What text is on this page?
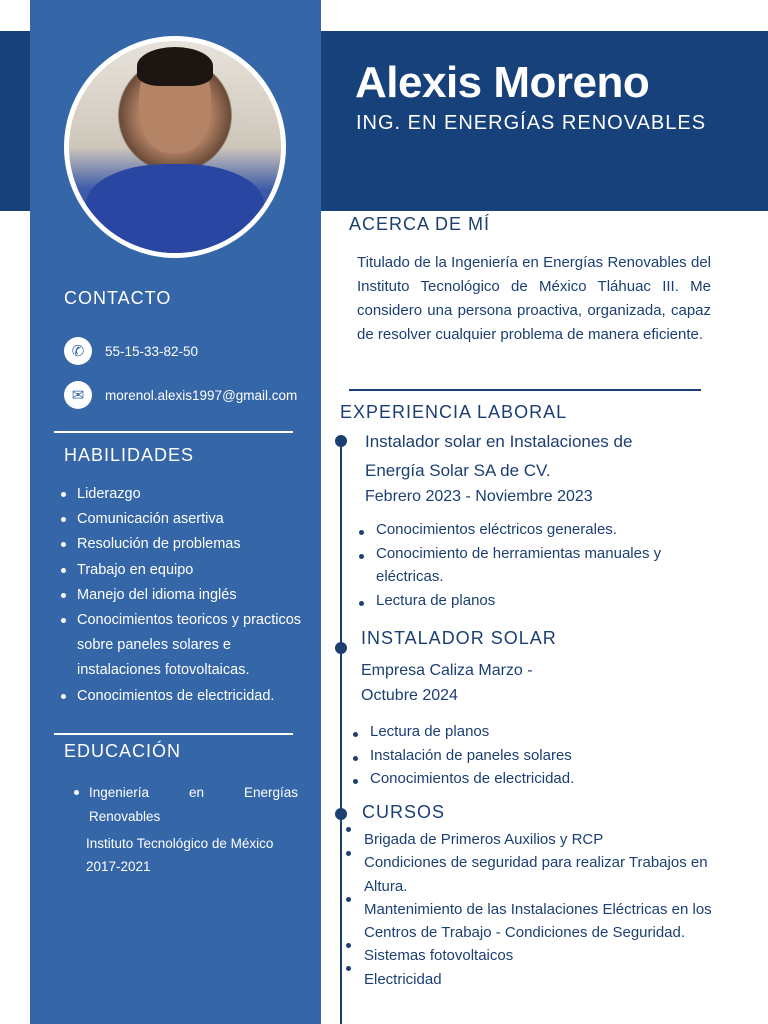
Alexis Moreno
ING. EN ENERGÍAS RENOVABLES
CONTACTO
✆	55-15-33-82-50
✉	morenol.alexis1997@gmail.com
HABILIDADES
Liderazgo
Comunicación asertiva
Resolución de problemas
Trabajo en equipo
Manejo del idioma inglés
Conocimientos teoricos y practicos sobre paneles solares e instalaciones fotovoltaicas.
Conocimientos de electricidad.
EDUCACIÓN
Ingeniería en Energías Renovables
Instituto Tecnológico de México
2017-2021
ACERCA DE MÍ
Titulado de la Ingeniería en Energías Renovables del Instituto Tecnológico de México Tláhuac III. Me considero una persona proactiva, organizada, capaz de resolver cualquier problema de manera eficiente.
EXPERIENCIA LABORAL
Instalador solar en Instalaciones de
Energía Solar SA de CV.
Febrero 2023 - Noviembre 2023
Conocimientos eléctricos generales.
Conocimiento de herramientas manuales y eléctricas.
Lectura de planos
INSTALADOR SOLAR
Empresa Caliza Marzo -
Octubre 2024
Lectura de planos
Instalación de paneles solares
Conocimientos de electricidad.
CURSOS
Brigada de Primeros Auxilios y RCP
Condiciones de seguridad para realizar Trabajos en Altura.
Mantenimiento de las Instalaciones Eléctricas en los Centros de Trabajo - Condiciones de Seguridad.
Sistemas fotovoltaicos
Electricidad
